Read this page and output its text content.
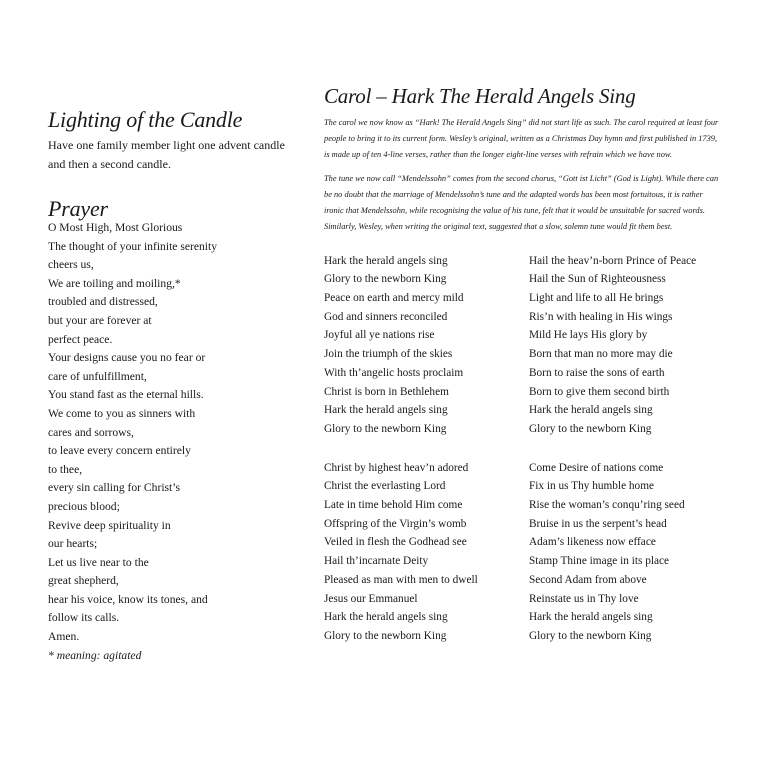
Lighting of the Candle

Have one family member light one advent candle and then a second candle.

Prayer
O Most High, Most Glorious
The thought of your infinite serenity
cheers us,
We are toiling and moiling,*
troubled and distressed,
but your are forever at
perfect peace.
Your designs cause you no fear or
care of unfulfillment,
You stand fast as the eternal hills.
We come to you as sinners with
cares and sorrows,
to leave every concern entirely
to thee,
every sin calling for Christ’s
precious blood;
Revive deep spirituality in
our hearts;
Let us live near to the
great shepherd,
hear his voice, know its tones, and
follow its calls.
Amen.
* meaning: agitated
Carol – Hark The Herald Angels Sing

The carol we now know as “Hark! The Herald Angels Sing” did not start life as such. The carol required at least four people to bring it to its current form. Wesley’s original, written as a Christmas Day hymn and first published in 1739, is made up of ten 4-line verses, rather than the longer eight-line verses with refrain which we have now.

The tune we now call “Mendelssohn” comes from the second chorus, “Gott ist Licht” (God is Light). While there can be no doubt that the marriage of Mendelssohn’s tune and the adapted words has been most fortuitous, it is rather ironic that Mendelssohn, while recognising the value of his tune, felt that it would be unsuitable for sacred words. Similarly, Wesley, when writing the original text, suggested that a slow, solemn tune would fit them best.

Hark the herald angels sing
Glory to the newborn King
Peace on earth and mercy mild
God and sinners reconciled
Joyful all ye nations rise
Join the triumph of the skies
With th’angelic hosts proclaim
Christ is born in Bethlehem
Hark the herald angels sing
Glory to the newborn King
Hail the heav’n-born Prince of Peace
Hail the Sun of Righteousness
Light and life to all He brings
Ris’n with healing in His wings
Mild He lays His glory by
Born that man no more may die
Born to raise the sons of earth
Born to give them second birth
Hark the herald angels sing
Glory to the newborn King
Christ by highest heav’n adored
Christ the everlasting Lord
Late in time behold Him come
Offspring of the Virgin’s womb
Veiled in flesh the Godhead see
Hail th’incarnate Deity
Pleased as man with men to dwell
Jesus our Emmanuel
Hark the herald angels sing
Glory to the newborn King
Come Desire of nations come
Fix in us Thy humble home
Rise the woman’s conqu’ring seed
Bruise in us the serpent’s head
Adam’s likeness now efface
Stamp Thine image in its place
Second Adam from above
Reinstate us in Thy love
Hark the herald angels sing
Glory to the newborn King
